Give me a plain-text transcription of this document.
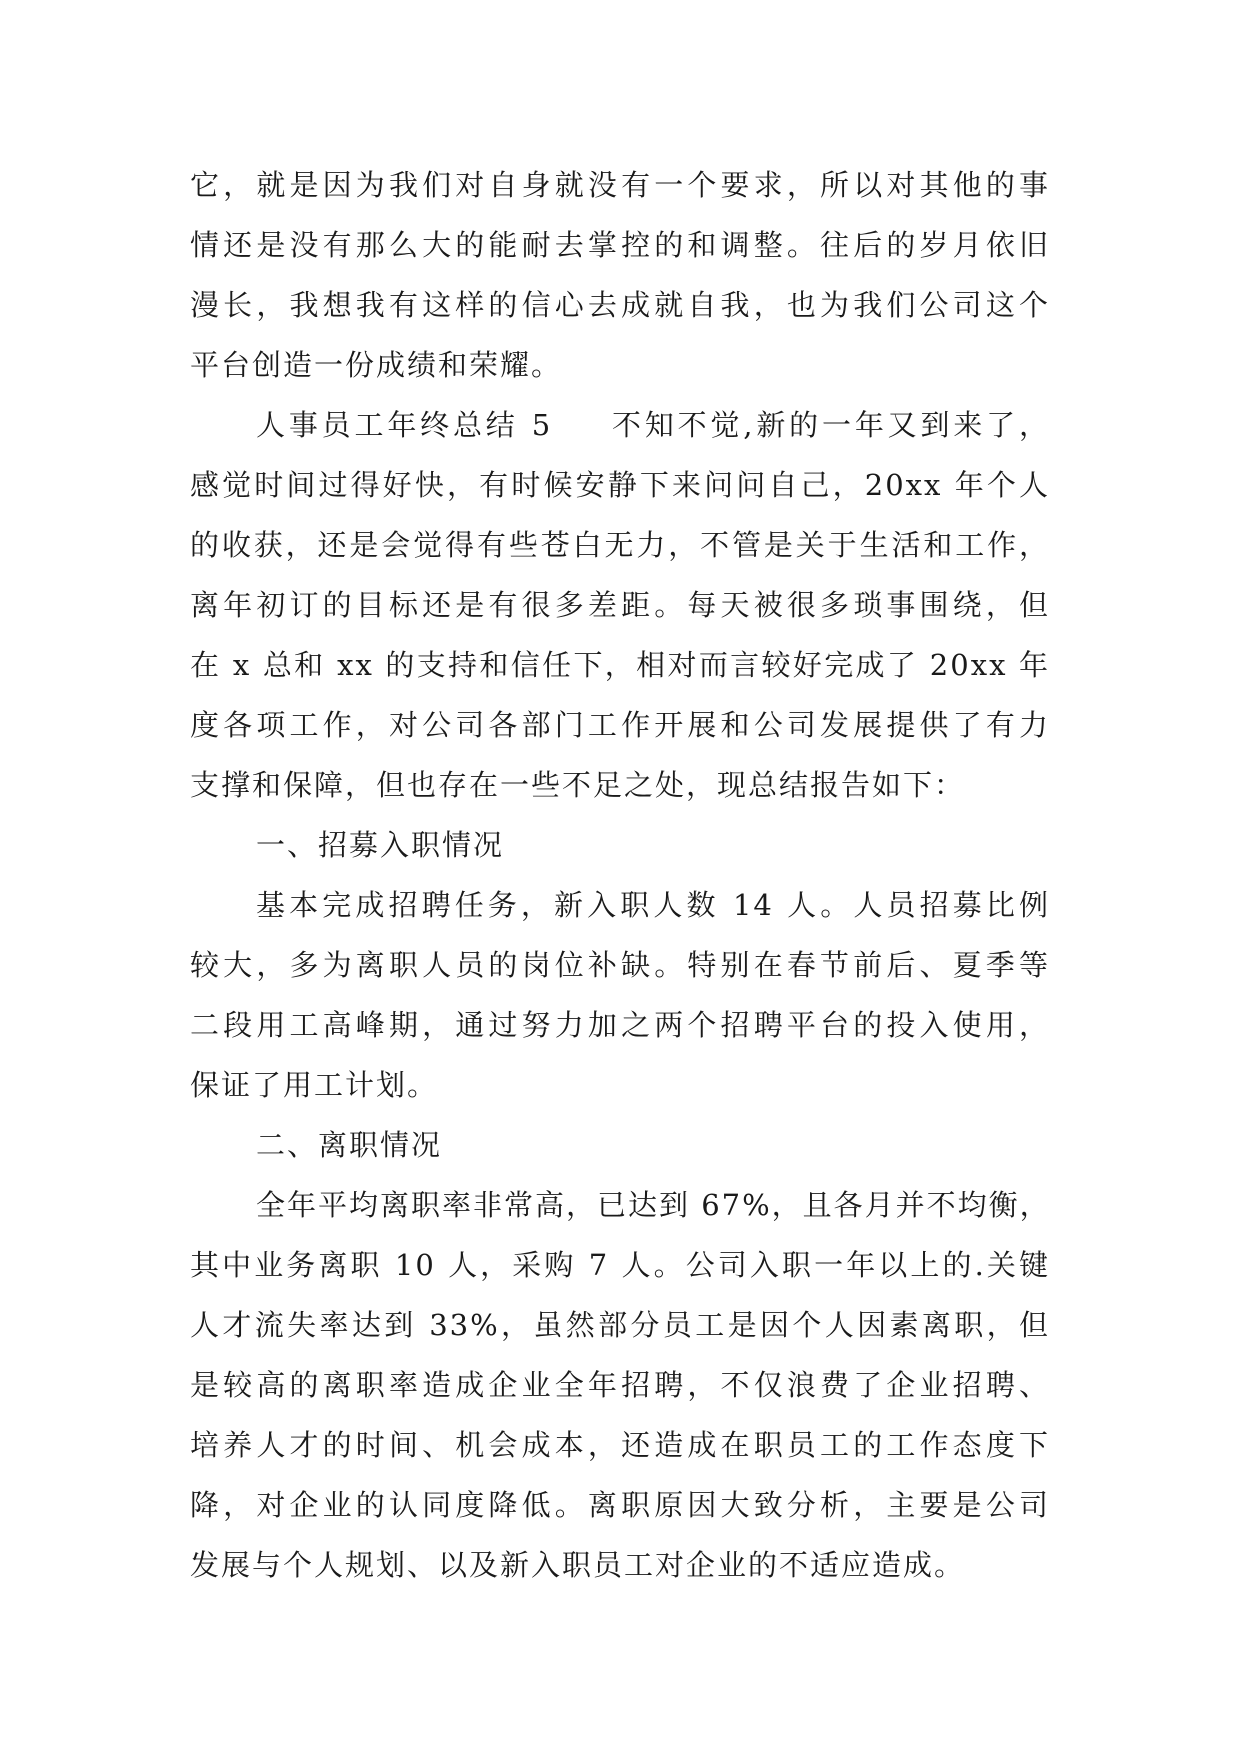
它，就是因为我们对自身就没有一个要求，所以对其他的事
情还是没有那么大的能耐去掌控的和调整。往后的岁月依旧
漫长，我想我有这样的信心去成就自我，也为我们公司这个
平台创造一份成绩和荣耀。
人事员工年终总结 5 不知不觉,新的一年又到来了，
感觉时间过得好快，有时候安静下来问问自己，20xx 年个人
的收获，还是会觉得有些苍白无力，不管是关于生活和工作，
离年初订的目标还是有很多差距。每天被很多琐事围绕，但
在 x 总和 xx 的支持和信任下，相对而言较好完成了 20xx 年
度各项工作，对公司各部门工作开展和公司发展提供了有力
支撑和保障，但也存在一些不足之处，现总结报告如下：
一、招募入职情况
基本完成招聘任务，新入职人数 14 人。人员招募比例
较大，多为离职人员的岗位补缺。特别在春节前后、夏季等
二段用工高峰期，通过努力加之两个招聘平台的投入使用，
保证了用工计划。
二、离职情况
全年平均离职率非常高，已达到 67%，且各月并不均衡，
其中业务离职 10 人，采购 7 人。公司入职一年以上的.关键
人才流失率达到 33%，虽然部分员工是因个人因素离职，但
是较高的离职率造成企业全年招聘，不仅浪费了企业招聘、
培养人才的时间、机会成本，还造成在职员工的工作态度下
降，对企业的认同度降低。离职原因大致分析，主要是公司
发展与个人规划、以及新入职员工对企业的不适应造成。
